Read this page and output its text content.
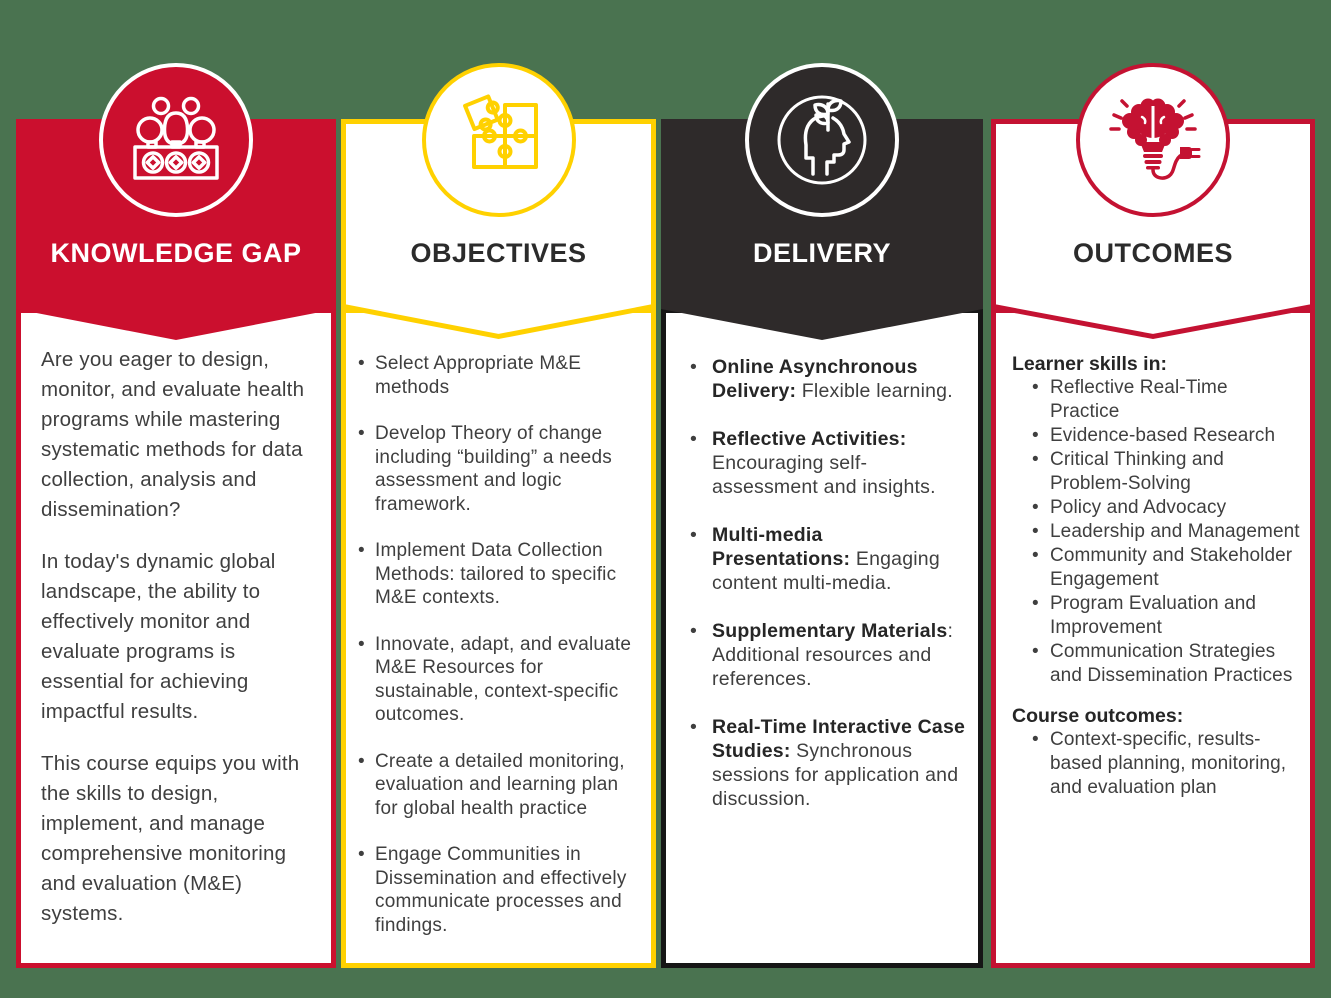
Are you eager to design, monitor, and evaluate health programs while mastering systematic methods for data collection, analysis and dissemination?

In today's dynamic global landscape, the ability to effectively monitor and evaluate programs is essential for achieving impactful results.

This course equips you with the skills to design, implement, and manage comprehensive monitoring and evaluation (M&E) systems.

KNOWLEDGE GAP
• Select Appropriate M&E methods
• Develop Theory of change including “building” a needs assessment and logic framework.
• Implement Data Collection Methods: tailored to specific M&E contexts.
• Innovate, adapt, and evaluate M&E Resources for sustainable, context-specific outcomes.
• Create a detailed monitoring, evaluation and learning plan for global health practice
• Engage Communities in Dissemination and effectively communicate processes and findings.
OBJECTIVES
• Online Asynchronous Delivery: Flexible learning.
• Reflective Activities: Encouraging self-assessment and insights.
• Multi-media Presentations: Engaging content multi-media.
• Supplementary Materials: Additional resources and references.
• Real-Time Interactive Case Studies: Synchronous sessions for application and discussion.
DELIVERY
Learner skills in:
• Reflective Real-Time Practice
• Evidence-based Research
• Critical Thinking and Problem-Solving
• Policy and Advocacy
• Leadership and Management
• Community and Stakeholder Engagement
• Program Evaluation and Improvement
• Communication Strategies and Dissemination Practices
Course outcomes:
• Context-specific, results-based planning, monitoring, and evaluation plan
OUTCOMES
